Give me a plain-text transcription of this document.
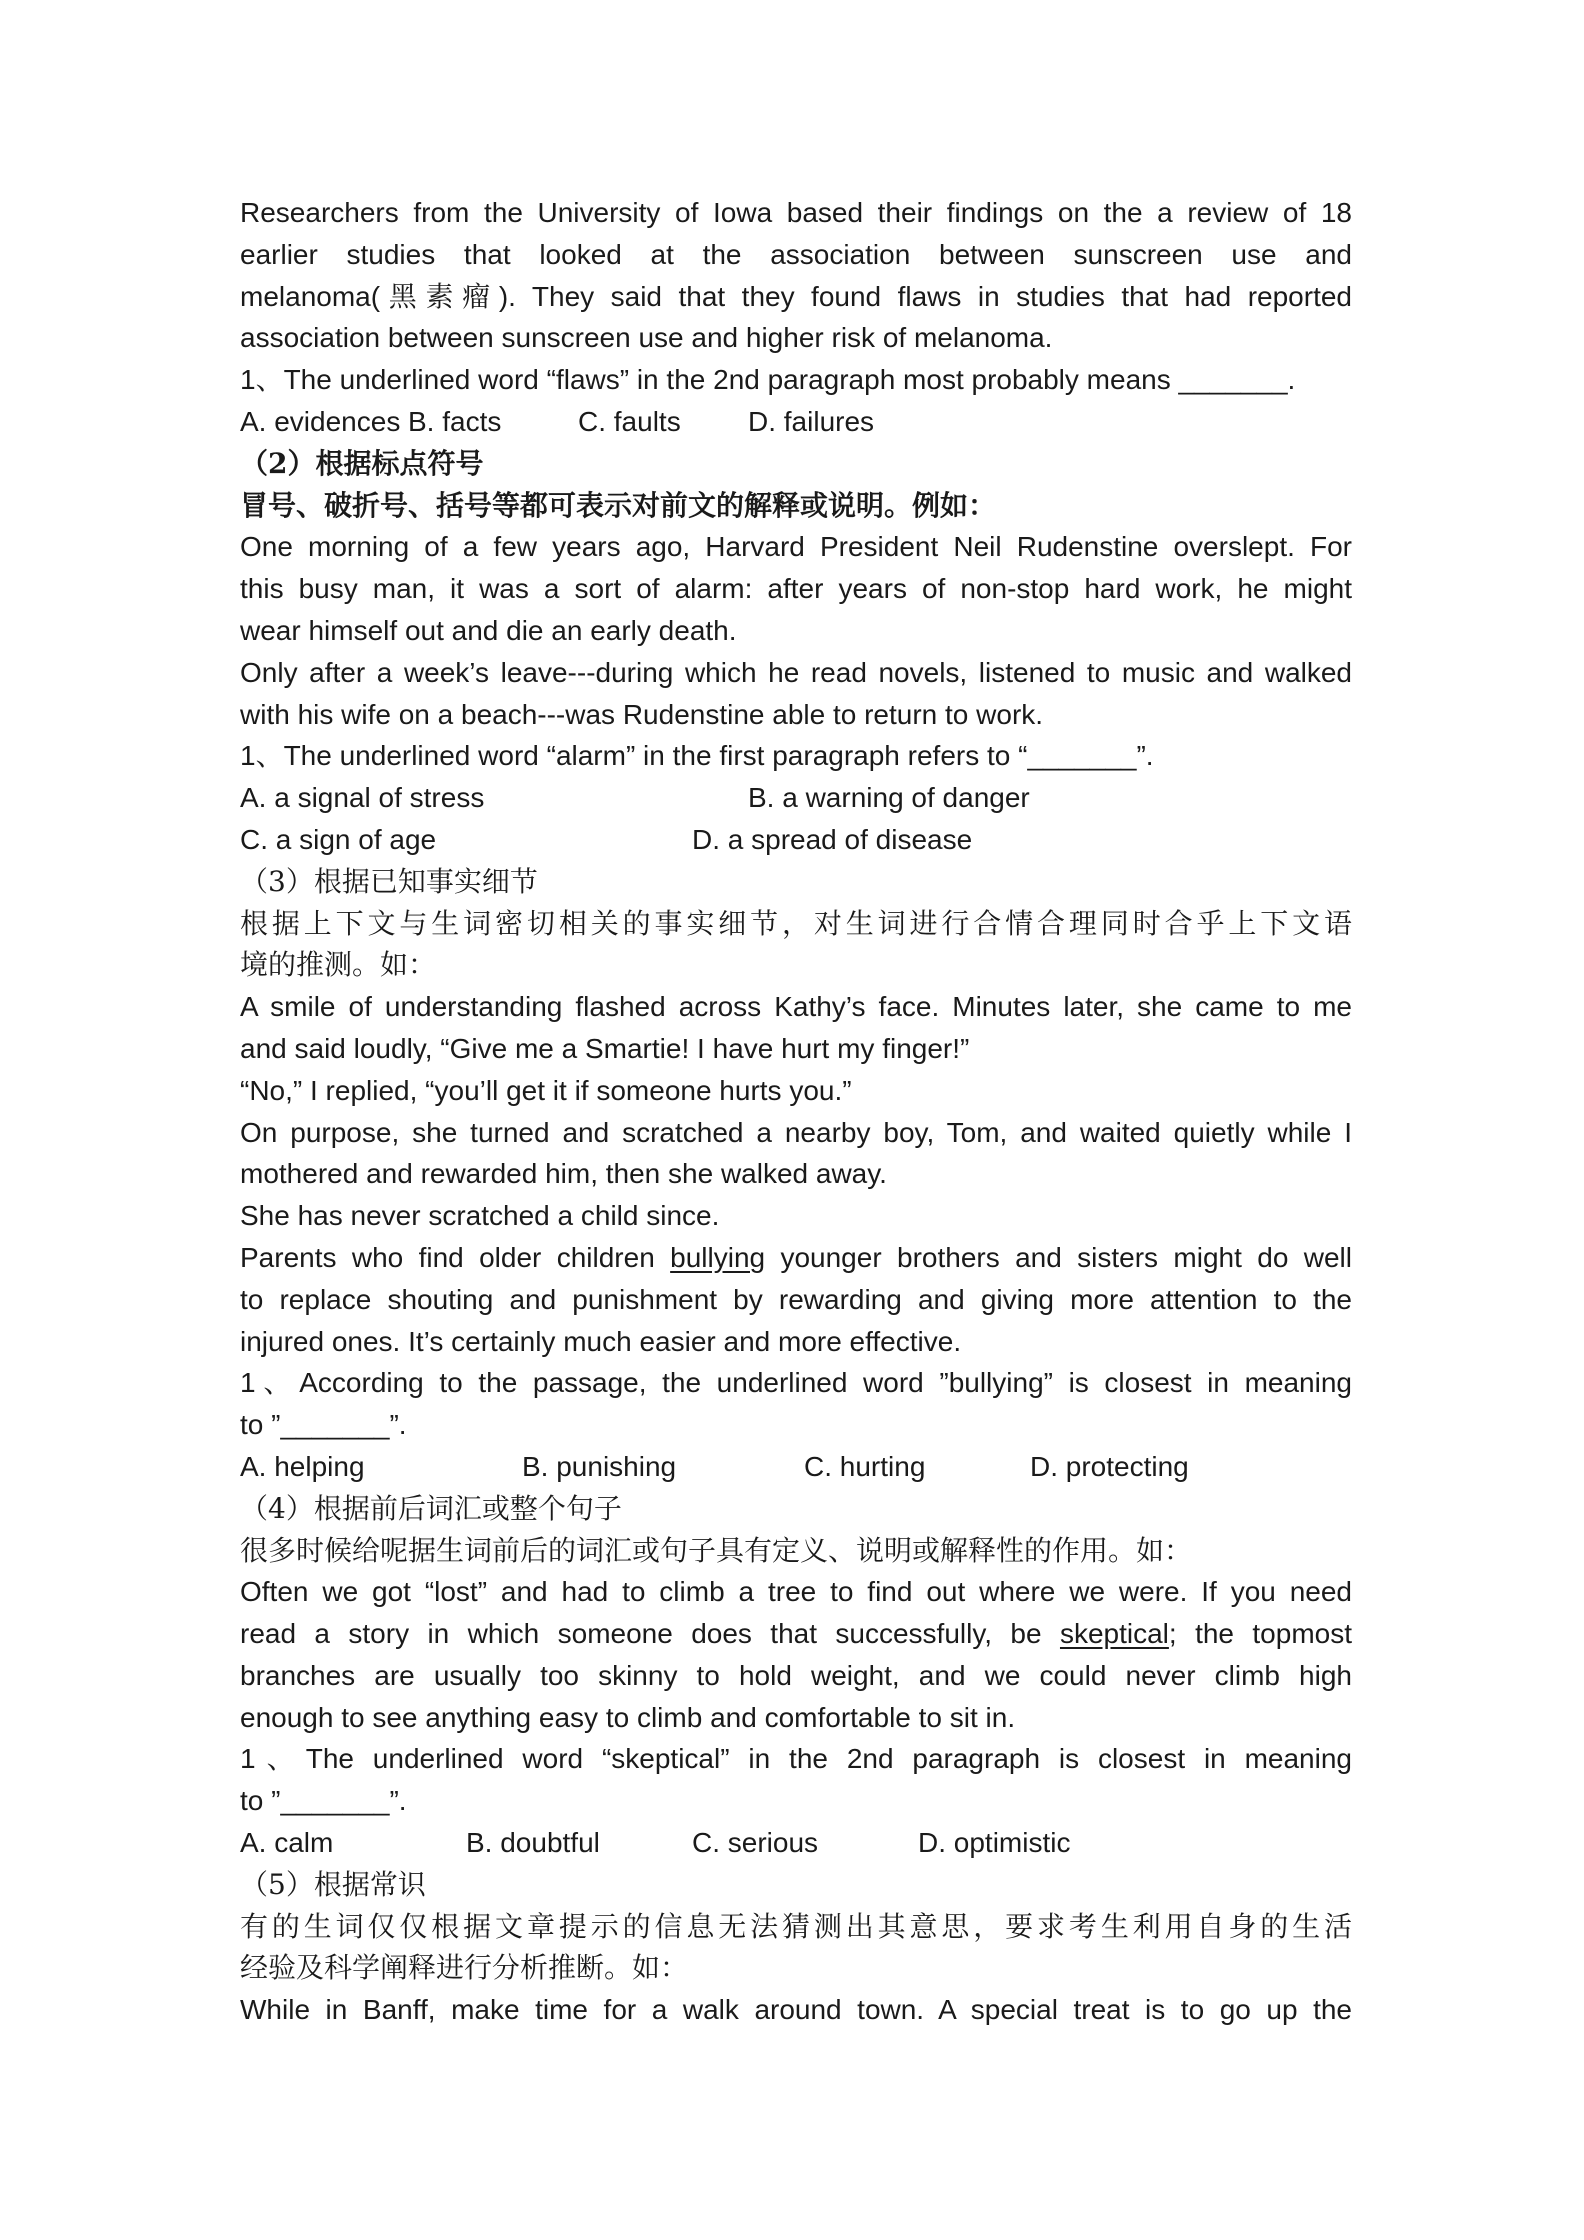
Researchers from the University of Iowa based their findings on the a review of 18
earlier studies that looked at the association between sunscreen use and
melanoma(黑素瘤). They said that they found flaws in studies that had reported
association between sunscreen use and higher risk of melanoma.
1、The underlined word “flaws” in the 2nd paragraph most probably means _______.
A. evidences B. facts	C. faults D. failures
（2）根据标点符号
冒号、破折号、括号等都可表示对前文的解释或说明。例如：
One morning of a few years ago, Harvard President Neil Rudenstine overslept. For
this busy man, it was a sort of alarm: after years of non-stop hard work, he might
wear himself out and die an early death.
Only after a week’s leave---during which he read novels, listened to music and walked
with his wife on a beach---was Rudenstine able to return to work.
1、The underlined word “alarm” in the first paragraph refers to “_______”.
A. a signal of stress	B. a warning of danger
C. a sign of age	D. a spread of disease
（3）根据已知事实细节
根据上下文与生词密切相关的事实细节，对生词进行合情合理同时合乎上下文语
境的推测。如：
A smile of understanding flashed across Kathy’s face. Minutes later, she came to me
and said loudly, “Give me a Smartie! I have hurt my finger!”
“No,” I replied, “you’ll get it if someone hurts you.”
On purpose, she turned and scratched a nearby boy, Tom, and waited quietly while I
mothered and rewarded him, then she walked away.
She has never scratched a child since.
Parents who find older children bullying younger brothers and sisters might do well
to replace shouting and punishment by rewarding and giving more attention to the
injured ones. It’s certainly much easier and more effective.
1、According to the passage, the underlined word ”bullying” is closest in meaning
to ”_______”.
A. helping	B. punishing	C. hurting	D. protecting
（4）根据前后词汇或整个句子
很多时候给呢据生词前后的词汇或句子具有定义、说明或解释性的作用。如：
Often we got “lost” and had to climb a tree to find out where we were. If you need
read a story in which someone does that successfully, be skeptical; the topmost
branches are usually too skinny to hold weight, and we could never climb high
enough to see anything easy to climb and comfortable to sit in.
1、The underlined word “skeptical” in the 2nd paragraph is closest in meaning
to ”_______”.
A. calm	B. doubtful	C. serious	D. optimistic
（5）根据常识
有的生词仅仅根据文章提示的信息无法猜测出其意思，要求考生利用自身的生活
经验及科学阐释进行分析推断。如：
While in Banff, make time for a walk around town. A special treat is to go up the
